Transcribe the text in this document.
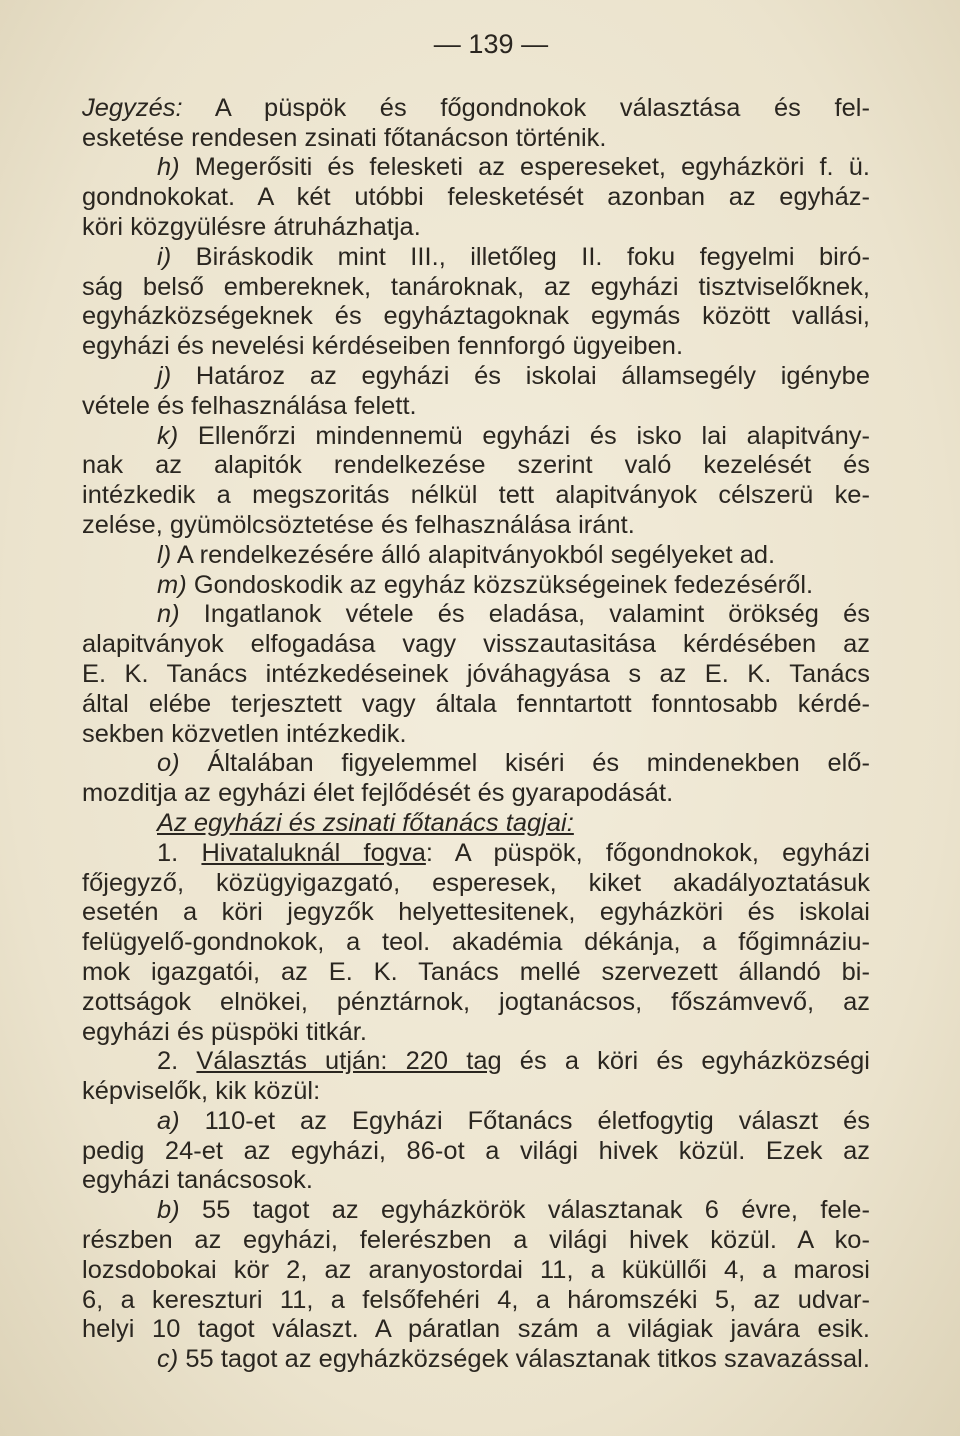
— 139 —
Jegyzés: A püspök és főgondnokok választása és fel-
esketése rendesen zsinati főtanácson történik.
h) Megerősiti és felesketi az espereseket, egyházköri f. ü.
gondnokokat. A két utóbbi felesketését azonban az egyház-
köri közgyülésre átruházhatja.
i) Biráskodik mint III., illetőleg II. foku fegyelmi biró-
ság belső embereknek, tanároknak, az egyházi tisztviselőknek,
egyházközségeknek és egyháztagoknak egymás között vallási,
egyházi és nevelési kérdéseiben fennforgó ügyeiben.
j) Határoz az egyházi és iskolai államsegély igénybe
vétele és felhasználása felett.
k) Ellenőrzi mindennemü egyházi és isko lai alapitvány-
nak az alapitók rendelkezése szerint való kezelését és
intézkedik a megszoritás nélkül tett alapitványok célszerü ke-
zelése, gyümölcsöztetése és felhasználása iránt.
l) A rendelkezésére álló alapitványokból segélyeket ad.
m) Gondoskodik az egyház közszükségeinek fedezéséről.
n) Ingatlanok vétele és eladása, valamint örökség és
alapitványok elfogadása vagy visszautasitása kérdésében az
E. K. Tanács intézkedéseinek jóváhagyása s az E. K. Tanács
által elébe terjesztett vagy általa fenntartott fonntosabb kérdé-
sekben közvetlen intézkedik.
o) Általában figyelemmel kiséri és mindenekben elő-
mozditja az egyházi élet fejlődését és gyarapodását.
Az egyházi és zsinati főtanács tagjai:
1. Hivataluknál fogva: A püspök, főgondnokok, egyházi
főjegyző, közügyigazgató, esperesek, kiket akadályoztatásuk
esetén a köri jegyzők helyettesitenek, egyházköri és iskolai
felügyelő-gondnokok, a teol. akadémia dékánja, a főgimnáziu-
mok igazgatói, az E. K. Tanács mellé szervezett állandó bi-
zottságok elnökei, pénztárnok, jogtanácsos, főszámvevő, az
egyházi és püspöki titkár.
2. Választás utján: 220 tag és a köri és egyházközségi
képviselők, kik közül:
a) 110-et az Egyházi Főtanács életfogytig választ és
pedig 24-et az egyházi, 86-ot a világi hivek közül. Ezek az
egyházi tanácsosok.
b) 55 tagot az egyházkörök választanak 6 évre, fele-
részben az egyházi, felerészben a világi hivek közül. A ko-
lozsdobokai kör 2, az aranyostordai 11, a küküllői 4, a marosi
6, a kereszturi 11, a felsőfehéri 4, a háromszéki 5, az udvar-
helyi 10 tagot választ. A páratlan szám a világiak javára esik.
c) 55 tagot az egyházközségek választanak titkos szavazással.
